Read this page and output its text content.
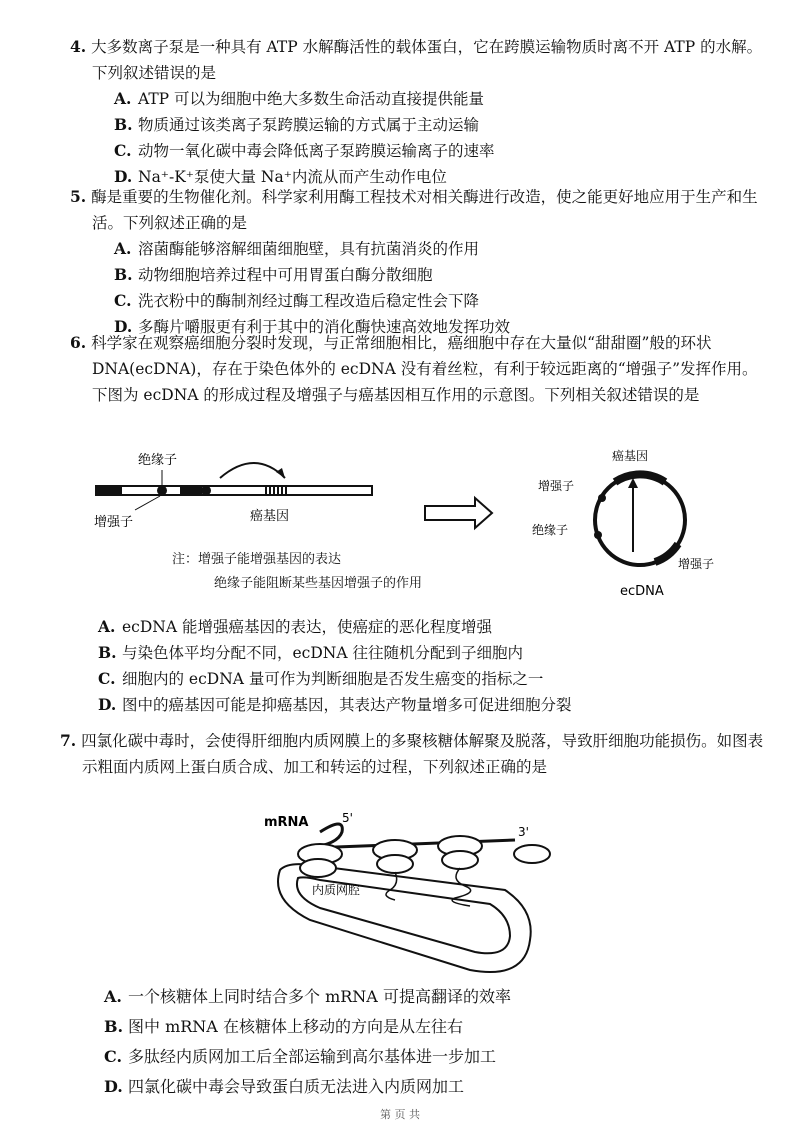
4. 大多数离子泵是一种具有 ATP 水解酶活性的载体蛋白，它在跨膜运输物质时离不开 ATP 的水解。下列叙述错误的是

A. ATP 可以为细胞中绝大多数生命活动直接提供能量
B. 物质通过该类离子泵跨膜运输的方式属于主动运输
C. 动物一氧化碳中毒会降低离子泵跨膜运输离子的速率
D. Na⁺-K⁺泵使大量 Na⁺内流从而产生动作电位

5. 酶是重要的生物催化剂。科学家利用酶工程技术对相关酶进行改造，使之能更好地应用于生产和生活。下列叙述正确的是

A. 溶菌酶能够溶解细菌细胞壁，具有抗菌消炎的作用
B. 动物细胞培养过程中可用胃蛋白酶分散细胞
C. 洗衣粉中的酶制剂经过酶工程改造后稳定性会下降
D. 多酶片嚼服更有利于其中的消化酶快速高效地发挥功效

6. 科学家在观察癌细胞分裂时发现，与正常细胞相比，癌细胞中存在大量似“甜甜圈”般的环状 DNA(ecDNA)，存在于染色体外的 ecDNA 没有着丝粒，有利于较远距离的“增强子”发挥作用。下图为 ecDNA 的形成过程及增强子与癌基因相互作用的示意图。下列相关叙述错误的是

绝缘子
增强子	癌基因
癌基因
增强子
绝缘子
增强子
ecDNA
注：增强子能增强基因的表达
绝缘子能阻断某些基因增强子的作用
A. ecDNA 能增强癌基因的表达，使癌症的恶化程度增强
B. 与染色体平均分配不同，ecDNA 往往随机分配到子细胞内
C. 细胞内的 ecDNA 量可作为判断细胞是否发生癌变的指标之一
D. 图中的癌基因可能是抑癌基因，其表达产物量增多可促进细胞分裂

7. 四氯化碳中毒时，会使得肝细胞内质网膜上的多聚核糖体解聚及脱落，导致肝细胞功能损伤。如图表示粗面内质网上蛋白质合成、加工和转运的过程，下列叙述正确的是

mRNA	5'
3'
内质网腔
A. 一个核糖体上同时结合多个 mRNA 可提高翻译的效率
B. 图中 mRNA 在核糖体上移动的方向是从左往右
C. 多肽经内质网加工后全部运输到高尔基体进一步加工
D. 四氯化碳中毒会导致蛋白质无法进入内质网加工
第 页 共
